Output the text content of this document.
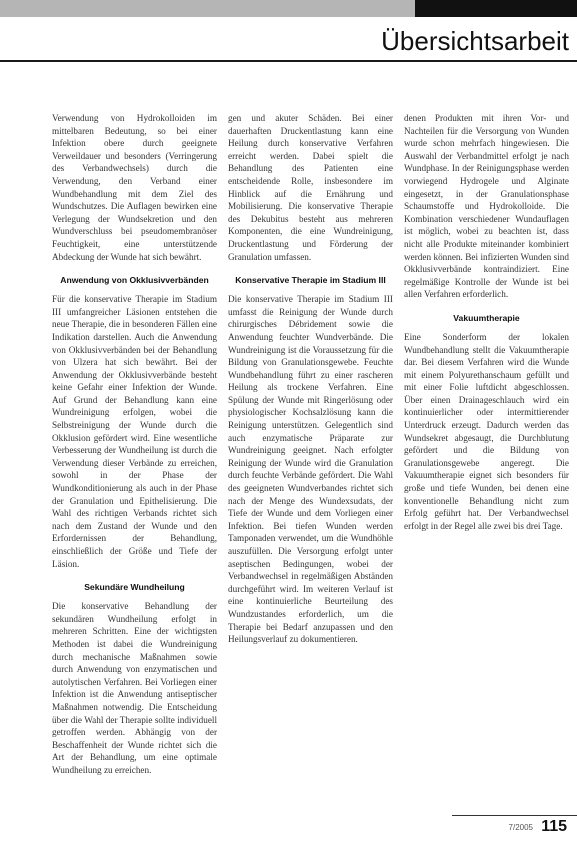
Übersichtsarbeit

Verwendung von Hydrokolloiden im mittelbaren Bedeutung, so bei einer Infektion obere durch geeignete Verweildauer und besonders (Verringerung des Verbandwechsels) durch die Verwendung, den Verband einer Wundbehandlung mit dem Ziel des Wundschutzes. Die Auflagen bewirken eine Verlegung der Wundsekretion und den Wundverschluss bei pseudomembranöser Feuchtigkeit, eine unterstützende Abdeckung der Wunde hat sich bewährt.

Anwendung von Okklusivverbänden

Für die konservative Therapie im Stadium III umfangreicher Läsionen entstehen die neue Therapie, die in besonderen Fällen eine Indikation darstellen. Auch die Anwendung von Okklusivverbänden bei der Behandlung von Ulzera hat sich bewährt. Bei der Anwendung der Okklusivverbände besteht keine Gefahr einer Infektion der Wunde. Auf Grund der Behandlung kann eine Wundreinigung erfolgen, wobei die Selbstreinigung der Wunde durch die Okklusion gefördert wird. Eine wesentliche Verbesserung der Wundheilung ist durch die Verwendung dieser Verbände zu erreichen, sowohl in der Phase der Wundkonditionierung als auch in der Phase der Granulation und Epithelisierung. Die Wahl des richtigen Verbands richtet sich nach dem Zustand der Wunde und den Erfordernissen der Behandlung, einschließlich der Größe und Tiefe der Läsion.

Sekundäre Wundheilung

Die konservative Behandlung der sekundären Wundheilung erfolgt in mehreren Schritten. Eine der wichtigsten Methoden ist dabei die Wundreinigung durch mechanische Maßnahmen sowie durch Anwendung von enzymatischen und autolytischen Verfahren. Bei Vorliegen einer Infektion ist die Anwendung antiseptischer Maßnahmen notwendig. Die Entscheidung über die Wahl der Therapie sollte individuell getroffen werden. Abhängig von der Beschaffenheit der Wunde richtet sich die Art der Behandlung, um eine optimale Wundheilung zu erreichen.

gen und akuter Schäden. Bei einer dauerhaften Druckentlastung kann eine Heilung durch konservative Verfahren erreicht werden. Dabei spielt die Behandlung des Patienten eine entscheidende Rolle, insbesondere im Hinblick auf die Ernährung und Mobilisierung. Die konservative Therapie des Dekubitus besteht aus mehreren Komponenten, die eine Wundreinigung, Druckentlastung und Förderung der Granulation umfassen.

Konservative Therapie im Stadium III

Die konservative Therapie im Stadium III umfasst die Reinigung der Wunde durch chirurgisches Débridement sowie die Anwendung feuchter Wundverbände. Die Wundreinigung ist die Voraussetzung für die Bildung von Granulationsgewebe. Feuchte Wundbehandlung führt zu einer rascheren Heilung als trockene Verfahren. Eine Spülung der Wunde mit Ringerlösung oder physiologischer Kochsalzlösung kann die Reinigung unterstützen. Gelegentlich sind auch enzymatische Präparate zur Wundreinigung geeignet. Nach erfolgter Reinigung der Wunde wird die Granulation durch feuchte Verbände gefördert. Die Wahl des geeigneten Wundverbandes richtet sich nach der Menge des Wundexsudats, der Tiefe der Wunde und dem Vorliegen einer Infektion. Bei tiefen Wunden werden Tamponaden verwendet, um die Wundhöhle auszufüllen. Die Versorgung erfolgt unter aseptischen Bedingungen, wobei der Verbandwechsel in regelmäßigen Abständen durchgeführt wird. Im weiteren Verlauf ist eine kontinuierliche Beurteilung des Wundzustandes erforderlich, um die Therapie bei Bedarf anzupassen und den Heilungsverlauf zu dokumentieren.

denen Produkten mit ihren Vor- und Nachteilen für die Versorgung von Wunden wurde schon mehrfach hingewiesen. Die Auswahl der Verbandmittel erfolgt je nach Wundphase. In der Reinigungsphase werden vorwiegend Hydrogele und Alginate eingesetzt, in der Granulationsphase Schaumstoffe und Hydrokolloide. Die Kombination verschiedener Wundauflagen ist möglich, wobei zu beachten ist, dass nicht alle Produkte miteinander kombiniert werden können. Bei infizierten Wunden sind Okklusivverbände kontraindiziert. Eine regelmäßige Kontrolle der Wunde ist bei allen Verfahren erforderlich.

Vakuumtherapie

Eine Sonderform der lokalen Wundbehandlung stellt die Vakuumtherapie dar. Bei diesem Verfahren wird die Wunde mit einem Polyurethanschaum gefüllt und mit einer Folie luftdicht abgeschlossen. Über einen Drainageschlauch wird ein kontinuierlicher oder intermittierender Unterdruck erzeugt. Dadurch werden das Wundsekret abgesaugt, die Durchblutung gefördert und die Bildung von Granulationsgewebe angeregt. Die Vakuumtherapie eignet sich besonders für große und tiefe Wunden, bei denen eine konventionelle Behandlung nicht zum Erfolg geführt hat. Der Verbandwechsel erfolgt in der Regel alle zwei bis drei Tage.

7/2005 115
